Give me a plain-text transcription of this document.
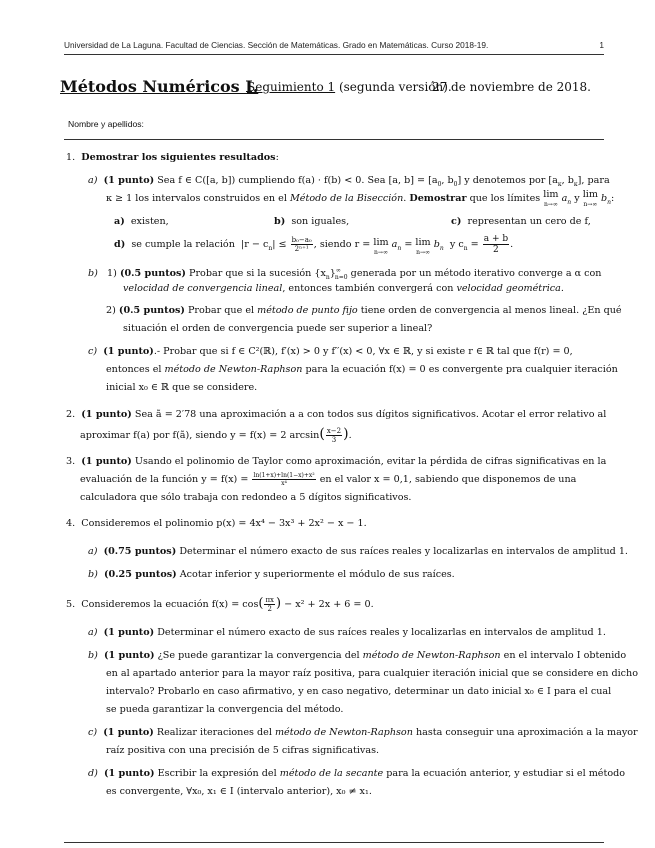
Universidad de La Laguna. Facultad de Ciencias. Sección de Matemáticas. Grado en Matemáticas. Curso 2018-19.	1
Métodos Numéricos I.
Seguimiento 1 (segunda versión).
27 de noviembre de 2018.
Nombre y apellidos:
1. Demostrar los siguientes resultados:
a) (1 punto) Sea f ∈ C([a, b]) cumpliendo f(a) · f(b) < 0. Sea [a, $b] = [a_0$, $b_0$] y denotemos por [$a_\kappa$, $b_\kappa$], para
κ ≥ 1 los intervalos construidos en el Método de la Bisección. Demostrar que los límites lim
n→∞ $a_n$ y lim
n→∞ $b_n$:
a) existen,	b) son iguales,	c) representan un cero de f,
d) se cumple la relación  $|r - c_n| \le \frac{\text{b₀−a₀}}{\text{2ⁿ⁺¹}}$ , siendo r = lim
n→∞ $a_n = \lim$
n→∞ $b_n$ y $c_n = \frac{a + b}{2}$ .
b) 1) (0.5 puntos) Probar que si la sucesión $\{x_n\}^\infty_{n=0}$ generada por un método iterativo converge a α con
velocidad de convergencia lineal, entonces también convergerá con velocidad geométrica.
2) (0.5 puntos) Probar que el método de punto fijo tiene orden de convergencia al menos lineal. ¿En qué
situación el orden de convergencia puede ser superior a lineal?
c) (1 punto).- Probar que si f ∈ C²(ℝ), f′(x) > 0 y f′′(x) < 0, ∀x ∈ ℝ, y si existe r ∈ ℝ tal que f(r) = 0,
entonces el método de Newton-Raphson para la ecuación f(x) = 0 es convergente pra cualquier iteración
inicial x₀ ∈ ℝ que se considere.
2. (1 punto) Sea ã = 2′78 una aproximación a a con todos sus dígitos significativos. Acotar el error relativo al
aproximar f(a) por f(ã), siendo y = f(x) = 2 $\arcsin( \frac{x-2}{3}$ ).
3. (1 punto) Usando el polinomio de Taylor como aproximación, evitar la pérdida de cifras significativas en la
evaluación de la función $y = f(x) = \frac{\text{ln(1+x)+ln(1−x)+x²}}{\text{x⁴}}$ en el valor x = 0,1, sabiendo que disponemos de una
calculadora que sólo trabaja con redondeo a 5 dígitos significativos.
4. Consideremos el polinomio p(x) = 4x⁴ − 3x³ + 2x² − x − 1.
a) (0.75 puntos) Determinar el número exacto de sus raíces reales y localizarlas en intervalos de amplitud 1.
b) (0.25 puntos) Acotar inferior y superiormente el módulo de sus raíces.
5. Consideremos la ecuación $f(x) = \cos( \frac{\pi x}{2}$ ) − x² + 2x + 6 = 0.
a) (1 punto) Determinar el número exacto de sus raíces reales y localizarlas en intervalos de amplitud 1.
b) (1 punto) ¿Se puede garantizar la convergencia del método de Newton-Raphson en el intervalo I obtenido
en al apartado anterior para la mayor raíz positiva, para cualquier iteración inicial que se considere en dicho
intervalo? Probarlo en caso afirmativo, y en caso negativo, determinar un dato inicial x₀ ∈ I para el cual
se pueda garantizar la convergencia del método.
c) (1 punto) Realizar iteraciones del método de Newton-Raphson hasta conseguir una aproximación a la mayor
raíz positiva con una precisión de 5 cifras significativas.
d) (1 punto) Escribir la expresión del método de la secante para la ecuación anterior, y estudiar si el método
es convergente, ∀x₀, x₁ ∈ I (intervalo anterior), x₀ ≠ x₁.
